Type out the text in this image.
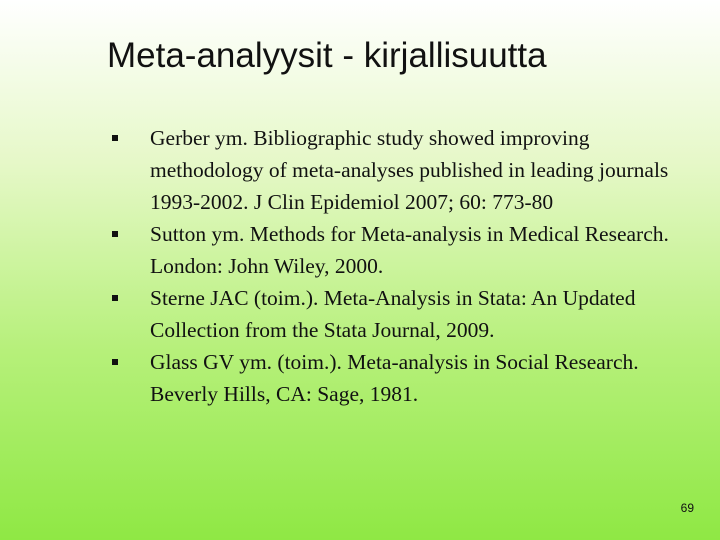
Meta-analyysit - kirjallisuutta
Gerber ym. Bibliographic study showed improving methodology of meta-analyses published in leading journals 1993-2002. J Clin Epidemiol 2007; 60: 773-80
Sutton ym. Methods for Meta-analysis in Medical Research. London: John Wiley, 2000.
Sterne JAC (toim.). Meta-Analysis in Stata: An Updated Collection from the Stata Journal, 2009.
Glass GV ym. (toim.). Meta-analysis in Social Research. Beverly Hills, CA: Sage, 1981.
69
